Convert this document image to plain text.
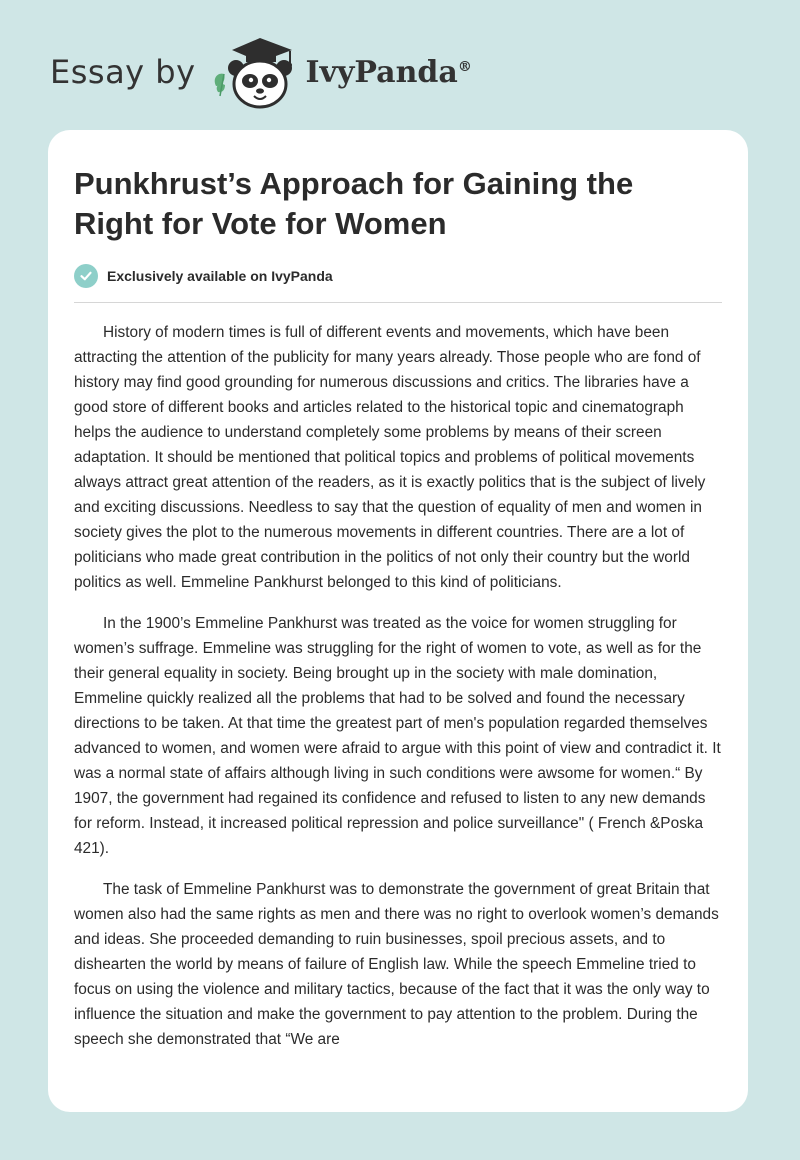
Essay by	IvyPanda®
Punkhrust’s Approach for Gaining the Right for Vote for Women
Exclusively available on IvyPanda

History of modern times is full of different events and movements, which have been attracting the attention of the publicity for many years already. Those people who are fond of history may find good grounding for numerous discussions and critics. The libraries have a good store of different books and articles related to the historical topic and cinematograph helps the audience to understand completely some problems by means of their screen adaptation. It should be mentioned that political topics and problems of political movements always attract great attention of the readers, as it is exactly politics that is the subject of lively and exciting discussions. Needless to say that the question of equality of men and women in society gives the plot to the numerous movements in different countries. There are a lot of politicians who made great contribution in the politics of not only their country but the world politics as well. Emmeline Pankhurst belonged to this kind of politicians.

In the 1900’s Emmeline Pankhurst was treated as the voice for women struggling for women’s suffrage. Emmeline was struggling for the right of women to vote, as well as for the their general equality in society. Being brought up in the society with male domination, Emmeline quickly realized all the problems that had to be solved and found the necessary directions to be taken. At that time the greatest part of men's population regarded themselves advanced to women, and women were afraid to argue with this point of view and contradict it. It was a normal state of affairs although living in such conditions were awsome for women.“ By 1907, the government had regained its confidence and refused to listen to any new demands for reform. Instead, it increased political repression and police surveillance" ( French &Poska 421).

The task of Emmeline Pankhurst was to demonstrate the government of great Britain that women also had the same rights as men and there was no right to overlook women’s demands and ideas. She proceeded demanding to ruin businesses, spoil precious assets, and to dishearten the world by means of failure of English law. While the speech Emmeline tried to focus on using the violence and military tactics, because of the fact that it was the only way to influence the situation and make the government to pay attention to the problem. During the speech she demonstrated that “We are
